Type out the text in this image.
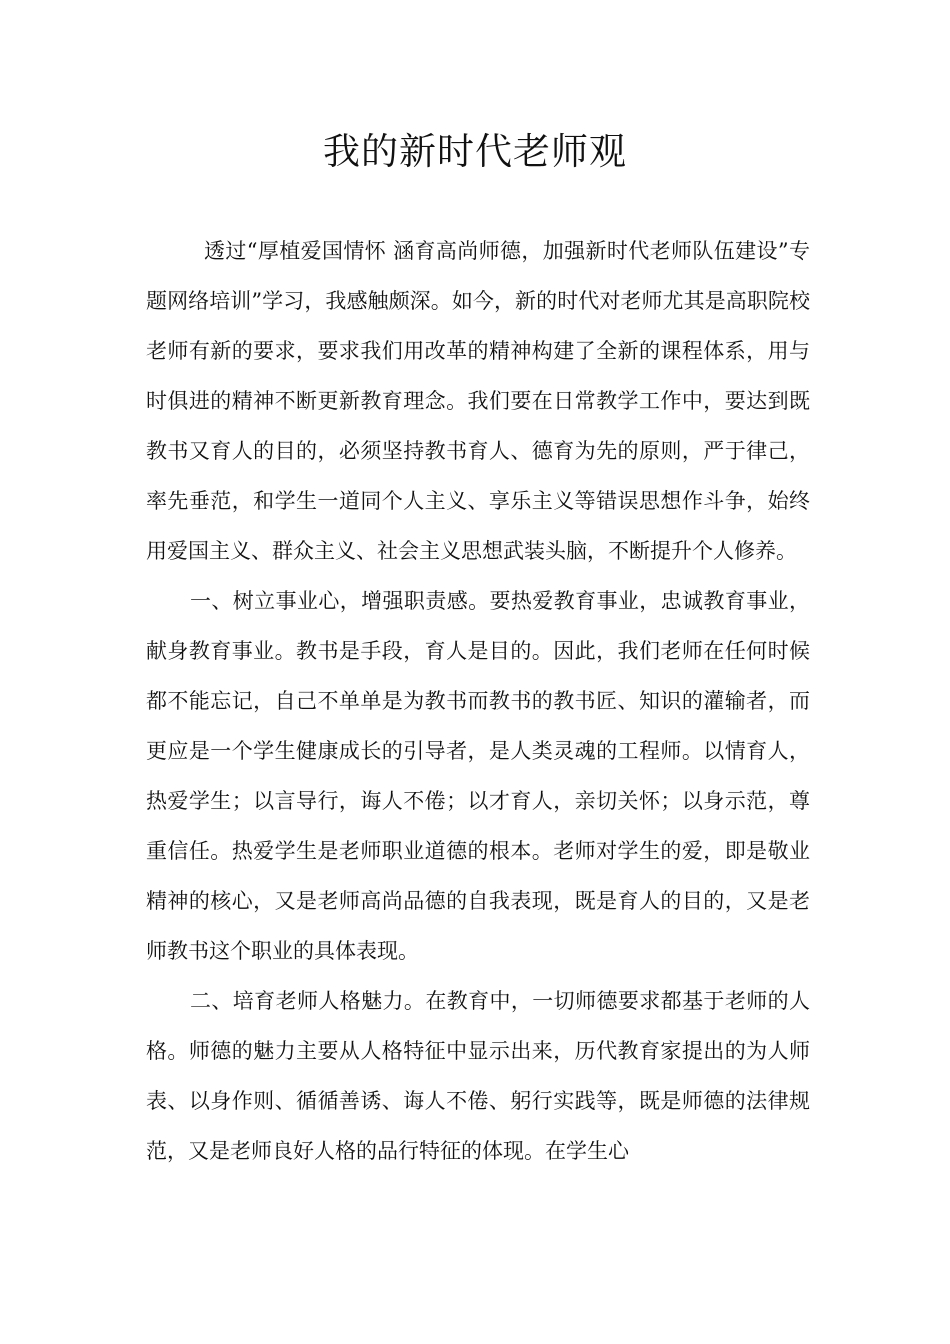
我的新时代老师观

透过“厚植爱国情怀 涵育高尚师德，加强新时代老师队伍建设”专题网络培训”学习，我感触颇深。如今，新的时代对老师尤其是高职院校老师有新的要求，要求我们用改革的精神构建了全新的课程体系，用与时俱进的精神不断更新教育理念。我们要在日常教学工作中，要达到既教书又育人的目的，必须坚持教书育人、德育为先的原则，严于律己，率先垂范，和学生一道同个人主义、享乐主义等错误思想作斗争，始终用爱国主义、群众主义、社会主义思想武装头脑，不断提升个人修养。

一、树立事业心，增强职责感。要热爱教育事业，忠诚教育事业，献身教育事业。教书是手段，育人是目的。因此，我们老师在任何时候都不能忘记，自己不单单是为教书而教书的教书匠、知识的灌输者，而更应是一个学生健康成长的引导者，是人类灵魂的工程师。以情育人，热爱学生；以言导行，诲人不倦；以才育人，亲切关怀；以身示范，尊重信任。热爱学生是老师职业道德的根本。老师对学生的爱，即是敬业精神的核心，又是老师高尚品德的自我表现，既是育人的目的，又是老师教书这个职业的具体表现。

二、培育老师人格魅力。在教育中，一切师德要求都基于老师的人格。师德的魅力主要从人格特征中显示出来，历代教育家提出的为人师表、以身作则、循循善诱、诲人不倦、躬行实践等，既是师德的法律规范，又是老师良好人格的品行特征的体现。在学生心
